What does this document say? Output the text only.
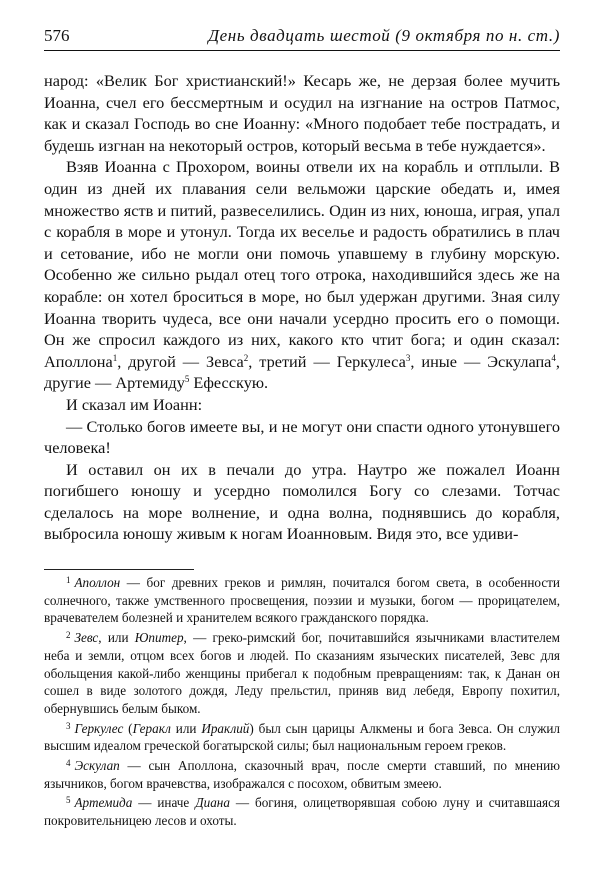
576	День двадцать шестой (9 октября по н. ст.)

народ: «Велик Бог христианский!» Кесарь же, не дерзая более мучить Иоанна, счел его бессмертным и осудил на изгнание на остров Патмос, как и сказал Господь во сне Иоанну: «Много подобает тебе пострадать, и будешь изгнан на некоторый остров, который весьма в тебе нуждается».

Взяв Иоанна с Прохором, воины отвели их на корабль и отплыли. В один из дней их плавания сели вельможи царские обедать и, имея множество яств и питий, развеселились. Один из них, юноша, играя, упал с корабля в море и утонул. Тогда их веселье и радость обратились в плач и сетование, ибо не могли они помочь упавшему в глубину морскую. Особенно же сильно рыдал отец того отрока, находившийся здесь же на корабле: он хотел броситься в море, но был удержан другими. Зная силу Иоанна творить чудеса, все они начали усердно просить его о помощи. Он же спросил каждого из них, какого кто чтит бога; и один сказал: Аполлона$^1$, другой — Зевса$^2$, третий — Геркулеса$^3$, иные — Эскулапа$^4$, другие — Артемиду$^5$ Ефесскую.

И сказал им Иоанн:

— Столько богов имеете вы, и не могут они спасти одного утонувшего человека!

И оставил он их в печали до утра. Наутро же пожалел Иоанн погибшего юношу и усердно помолился Богу со слезами. Тотчас сделалось на море волнение, и одна волна, поднявшись до корабля, выбросила юношу живым к ногам Иоанновым. Видя это, все удиви-

$^1$ Аполлон — бог древних греков и римлян, почитался богом света, в особенности солнечного, также умственного просвещения, поэзии и музыки, богом — прорицателем, врачевателем болезней и хранителем всякого гражданского порядка.

$^2$ Зевс, или Юпитер, — греко-римский бог, почитавшийся язычниками властителем неба и земли, отцом всех богов и людей. По сказаниям языческих писателей, Зевс для обольщения какой-либо женщины прибегал к подобным превращениям: так, к Данан он сошел в виде золотого дождя, Леду прельстил, приняв вид лебедя, Европу похитил, обернувшись белым быком.

$^3$ Геркулес (Геракл или Ираклий) был сын царицы Алкмены и бога Зевса. Он служил высшим идеалом греческой богатырской силы; был национальным героем греков.

$^4$ Эскулап — сын Аполлона, сказочный врач, после смерти ставший, по мнению язычников, богом врачевства, изображался с посохом, обвитым змеею.

$^5$ Артемида — иначе Диана — богиня, олицетворявшая собою луну и считавшаяся покровительницею лесов и охоты.
